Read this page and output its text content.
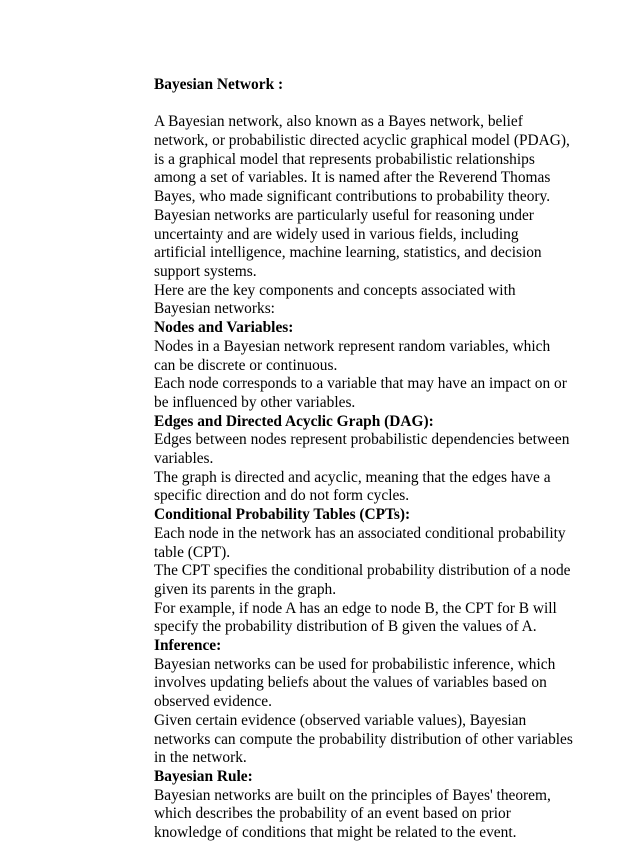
Bayesian Network :

A Bayesian network, also known as a Bayes network, belief network, or probabilistic directed acyclic graphical model (PDAG), is a graphical model that represents probabilistic relationships among a set of variables. It is named after the Reverend Thomas Bayes, who made significant contributions to probability theory. Bayesian networks are particularly useful for reasoning under uncertainty and are widely used in various fields, including artificial intelligence, machine learning, statistics, and decision support systems.

Here are the key components and concepts associated with Bayesian networks:

Nodes and Variables:

Nodes in a Bayesian network represent random variables, which can be discrete or continuous.

Each node corresponds to a variable that may have an impact on or be influenced by other variables.

Edges and Directed Acyclic Graph (DAG):

Edges between nodes represent probabilistic dependencies between variables.

The graph is directed and acyclic, meaning that the edges have a specific direction and do not form cycles.

Conditional Probability Tables (CPTs):

Each node in the network has an associated conditional probability table (CPT).

The CPT specifies the conditional probability distribution of a node given its parents in the graph.

For example, if node A has an edge to node B, the CPT for B will specify the probability distribution of B given the values of A.

Inference:

Bayesian networks can be used for probabilistic inference, which involves updating beliefs about the values of variables based on observed evidence.

Given certain evidence (observed variable values), Bayesian networks can compute the probability distribution of other variables in the network.

Bayesian Rule:

Bayesian networks are built on the principles of Bayes' theorem, which describes the probability of an event based on prior knowledge of conditions that might be related to the event.
